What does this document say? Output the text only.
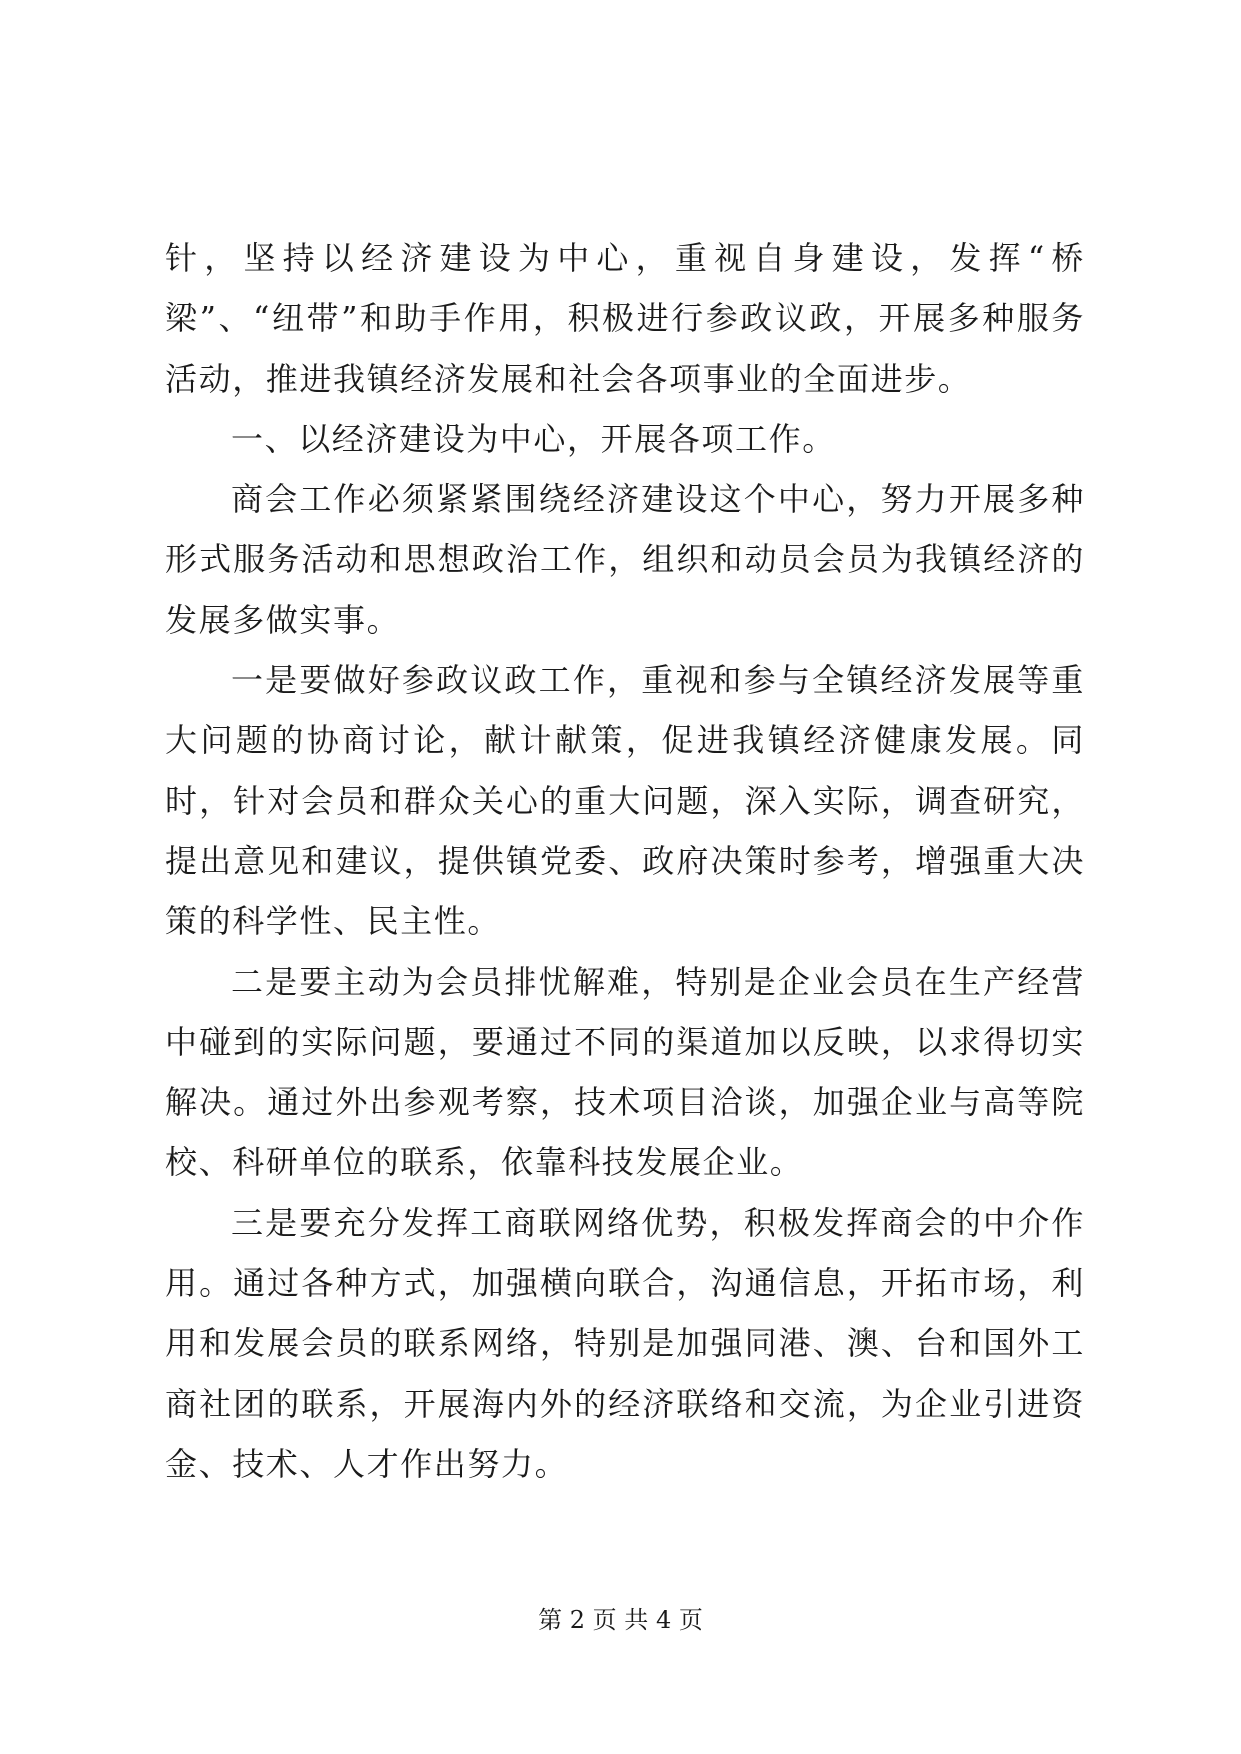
针，坚持以经济建设为中心，重视自身建设，发挥“桥梁”、“纽带”和助手作用，积极进行参政议政，开展多种服务活动，推进我镇经济发展和社会各项事业的全面进步。

一、以经济建设为中心，开展各项工作。

商会工作必须紧紧围绕经济建设这个中心，努力开展多种形式服务活动和思想政治工作，组织和动员会员为我镇经济的发展多做实事。

一是要做好参政议政工作，重视和参与全镇经济发展等重大问题的协商讨论，献计献策，促进我镇经济健康发展。同时，针对会员和群众关心的重大问题，深入实际，调查研究，提出意见和建议，提供镇党委、政府决策时参考，增强重大决策的科学性、民主性。

二是要主动为会员排忧解难，特别是企业会员在生产经营中碰到的实际问题，要通过不同的渠道加以反映，以求得切实解决。通过外出参观考察，技术项目洽谈，加强企业与高等院校、科研单位的联系，依靠科技发展企业。

三是要充分发挥工商联网络优势，积极发挥商会的中介作用。通过各种方式，加强横向联合，沟通信息，开拓市场，利用和发展会员的联系网络，特别是加强同港、澳、台和国外工商社团的联系，开展海内外的经济联络和交流，为企业引进资金、技术、人才作出努力。

第 2 页 共 4 页
